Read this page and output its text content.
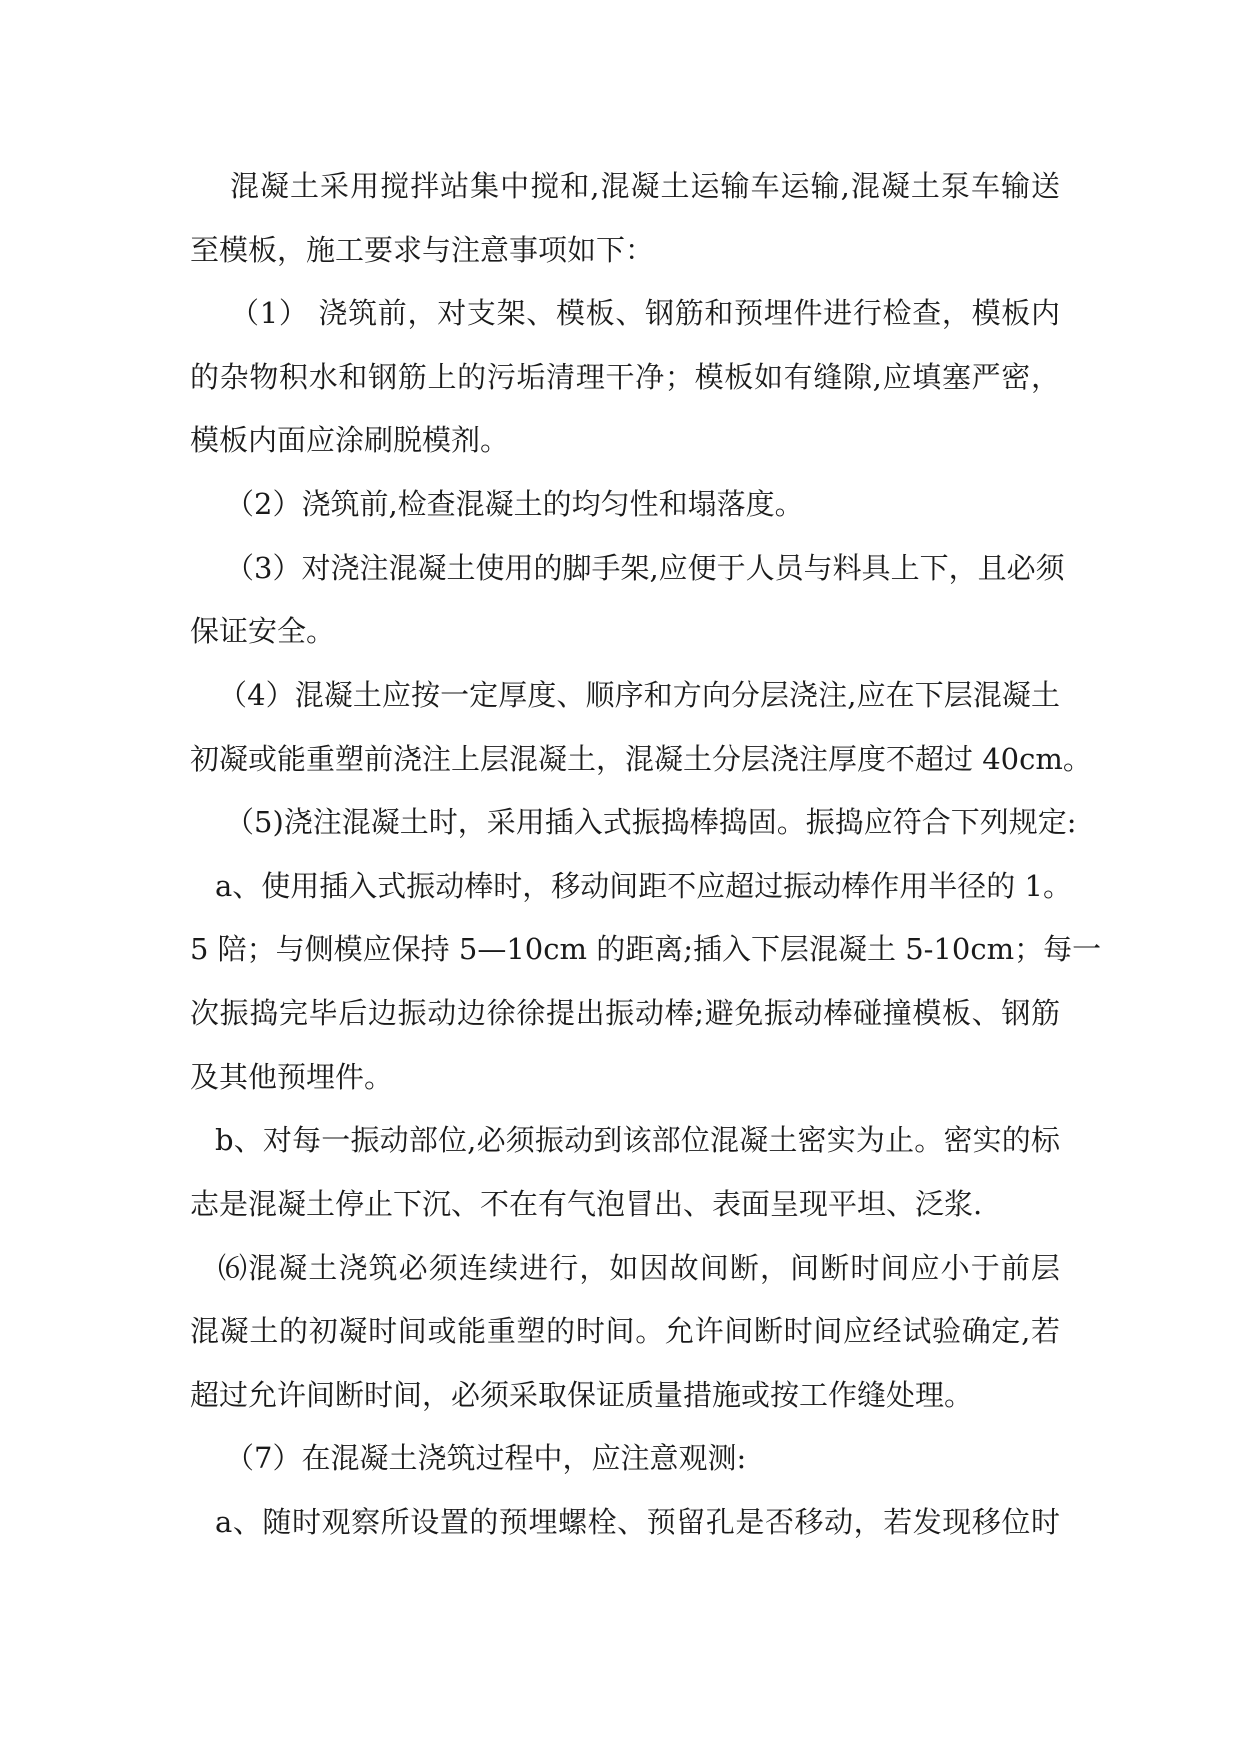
混凝土采用搅拌站集中搅和,混凝土运输车运输,混凝土泵车输送

至模板，施工要求与注意事项如下：

（1） 浇筑前，对支架、模板、钢筋和预埋件进行检查，模板内

的杂物积水和钢筋上的污垢清理干净；模板如有缝隙,应填塞严密，

模板内面应涂刷脱模剂。

（2）浇筑前,检查混凝土的均匀性和塌落度。

（3）对浇注混凝土使用的脚手架,应便于人员与料具上下，且必须

保证安全。

（4）混凝土应按一定厚度、顺序和方向分层浇注,应在下层混凝土

初凝或能重塑前浇注上层混凝土，混凝土分层浇注厚度不超过 40cm。

（5)浇注混凝土时，采用插入式振捣棒捣固。振捣应符合下列规定:

a、使用插入式振动棒时，移动间距不应超过振动棒作用半径的 1。

5 陪；与侧模应保持 5—10cm 的距离;插入下层混凝土 5-10cm；每一

次振捣完毕后边振动边徐徐提出振动棒;避免振动棒碰撞模板、钢筋

及其他预埋件。

b、对每一振动部位,必须振动到该部位混凝土密实为止。密实的标

志是混凝土停止下沉、不在有气泡冒出、表面呈现平坦、泛浆.

⑹混凝土浇筑必须连续进行，如因故间断，间断时间应小于前层

混凝土的初凝时间或能重塑的时间。允许间断时间应经试验确定,若

超过允许间断时间，必须采取保证质量措施或按工作缝处理。

（7）在混凝土浇筑过程中，应注意观测:

a、随时观察所设置的预埋螺栓、预留孔是否移动，若发现移位时
